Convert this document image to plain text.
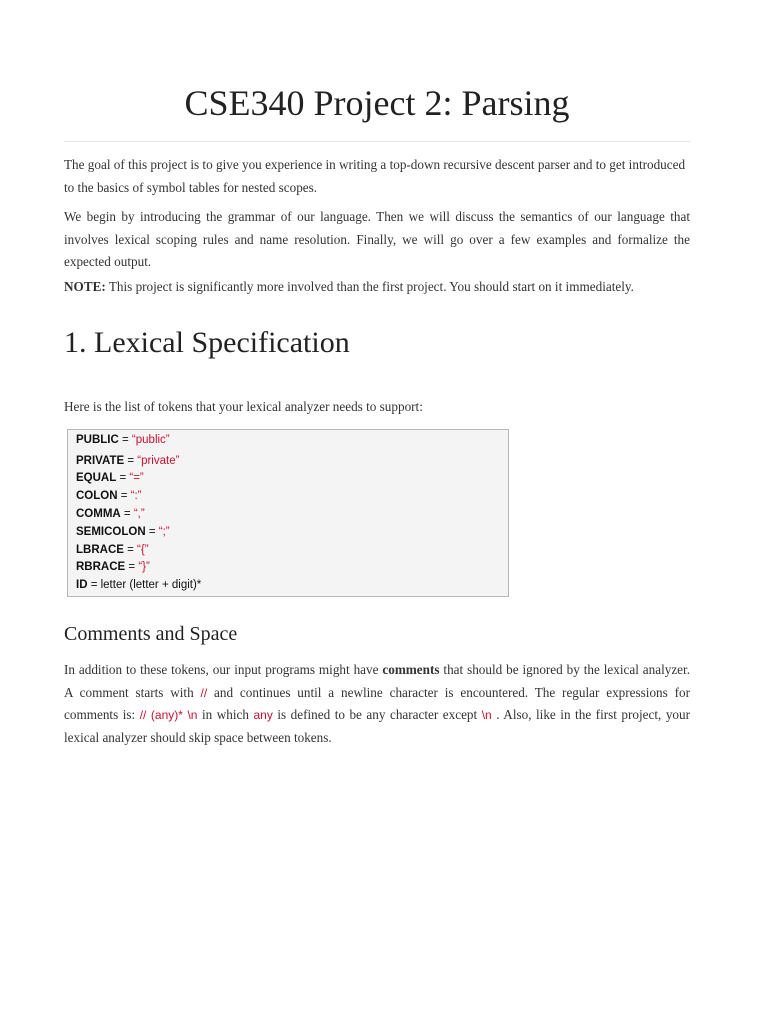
CSE340 Project 2: Parsing

The goal of this project is to give you experience in writing a top-down recursive descent parser and to get introduced to the basics of symbol tables for nested scopes.

We begin by introducing the grammar of our language. Then we will discuss the semantics of our language that involves lexical scoping rules and name resolution. Finally, we will go over a few examples and formalize the expected output.

NOTE: This project is significantly more involved than the first project. You should start on it immediately.

1. Lexical Specification

Here is the list of tokens that your lexical analyzer needs to support:

PUBLIC = “public”
PRIVATE = “private”
EQUAL = “=”
COLON = “:”
COMMA = “,”
SEMICOLON = “;”
LBRACE = “{”
RBRACE = “}”
ID = letter (letter + digit)*
Comments and Space

In addition to these tokens, our input programs might have comments that should be ignored by the lexical analyzer. A comment starts with // and continues until a newline character is encountered. The regular expressions for comments is: // (any)* \n in which any is defined to be any character except \n . Also, like in the first project, your lexical analyzer should skip space between tokens.
